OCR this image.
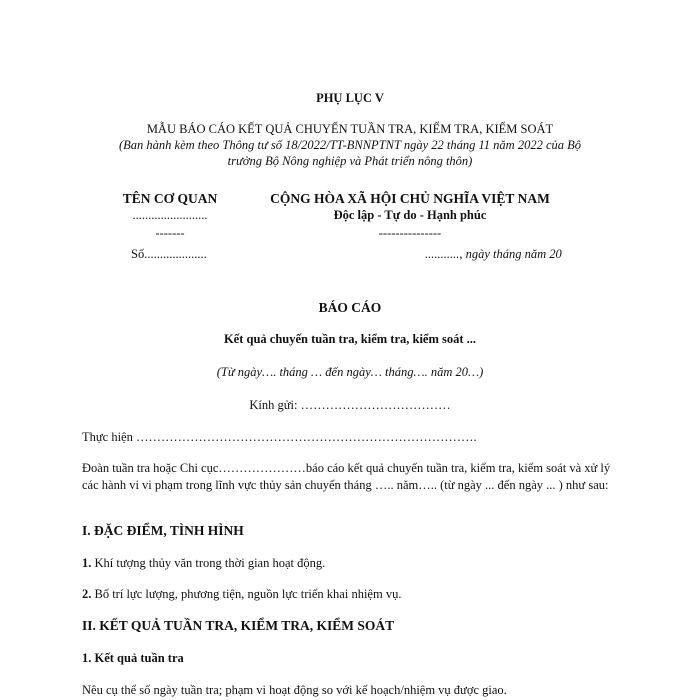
PHỤ LỤC V
MẪU BÁO CÁO KẾT QUẢ CHUYẾN TUẦN TRA, KIỂM TRA, KIỂM SOÁT
(Ban hành kèm theo Thông tư số 18/2022/TT-BNNPTNT ngày 22 tháng 11 năm 2022 của Bộ
trưởng Bộ Nông nghiệp và Phát triển nông thôn)
TÊN CƠ QUAN
........................
-------
Số....................
CỘNG HÒA XÃ HỘI CHỦ NGHĨA VIỆT NAM
Độc lập - Tự do - Hạnh phúc
---------------
..........., ngày tháng năm 20
BÁO CÁO
Kết quả chuyến tuần tra, kiểm tra, kiểm soát ...
(Từ ngày…. tháng … đến ngày… tháng…. năm 20…)
Kính gửi: ………………………………
Thực hiện ……………………………………………………………………….
Đoàn tuần tra hoặc Chi cục…………………báo cáo kết quả chuyến tuần tra, kiểm tra, kiểm soát và xử lý các hành vi vi phạm trong lĩnh vực thủy sản chuyến tháng ….. năm….. (từ ngày ... đến ngày ... ) như sau:
I. ĐẶC ĐIỂM, TÌNH HÌNH
1. Khí tượng thủy văn trong thời gian hoạt động.
2. Bố trí lực lượng, phương tiện, nguồn lực triển khai nhiệm vụ.
II. KẾT QUẢ TUẦN TRA, KIỂM TRA, KIỂM SOÁT
1. Kết quả tuần tra
Nêu cụ thể số ngày tuần tra; phạm vi hoạt động so với kế hoạch/nhiệm vụ được giao.
